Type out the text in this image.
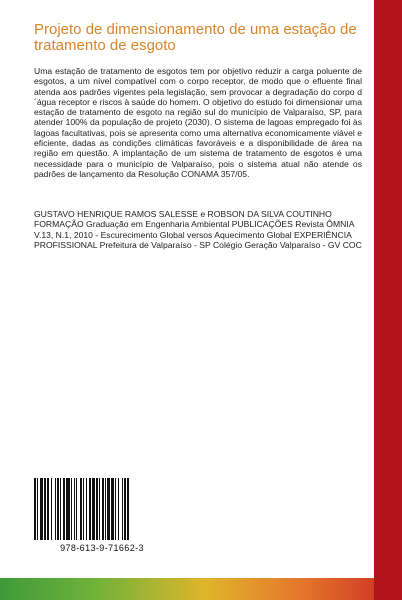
Projeto de dimensionamento de uma estação de tratamento de esgoto

Uma estação de tratamento de esgotos tem por objetivo reduzir a carga poluente de esgotos, a um nível compatível com o corpo receptor, de modo que o efluente final atenda aos padrões vigentes pela legislação, sem provocar a degradação do corpo d´água receptor e riscos à saúde do homem. O objetivo do estudo foi dimensionar uma estação de tratamento de esgoto na região sul do município de Valparaíso, SP, para atender 100% da população de projeto (2030). O sistema de lagoas empregado foi às lagoas facultativas, pois se apresenta como uma alternativa economicamente viável e eficiente, dadas as condições climáticas favoráveis e a disponibilidade de área na região em questão. A implantação de um sistema de tratamento de esgotos é uma necessidade para o município de Valparaíso, pois o sistema atual não atende os padrões de lançamento da Resolução CONAMA 357/05.

GUSTAVO HENRIQUE RAMOS SALESSE e ROBSON DA SILVA COUTINHO FORMAÇÃO Graduação em Engenharia Ambiental PUBLICAÇÕES Revista ÔMNIA V.13, N.1, 2010 - Escurecimento Global versos Aquecimento Global EXPERIÊNCIA PROFISSIONAL Prefeitura de Valparaíso - SP Colégio Geração Valparaíso - GV COC

978-613-9-71662-3
